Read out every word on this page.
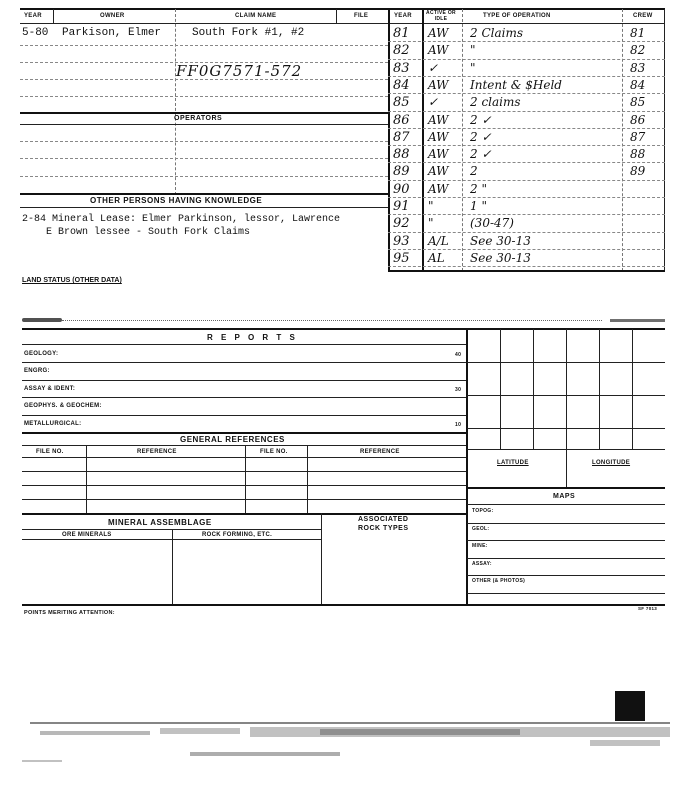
YEAR	OWNER	CLAIM NAME	FILE	YEAR	ACTIVE OR IDLE	TYPE OF OPERATION	CREW
5-80 Parkison, Elmer	South Fork #1, #2
FF0G7571-572
OPERATORS
OTHER PERSONS HAVING KNOWLEDGE
2-84 Mineral Lease: Elmer Parkinson, lessor, Lawrence
E Brown lessee - South Fork Claims
81 AW 2 Claims	81
82 AW "	82
83 ✓	"	83
84 AW Intent & $Held	84
85 ✓	2 claims	85
86 AW 2 ✓	86
87 AW 2 ✓	87
88 AW 2 ✓	88
89 AW 2	89
90 AW 2 "
91 "	1 "
92 "	(30-47)
93 A/L See 30-13
95 AL See 30-13
LAND STATUS (OTHER DATA)
R E P O R T S
GEOLOGY:	40
ENGRG:
ASSAY & IDENT:	30
GEOPHYS. & GEOCHEM:
METALLURGICAL:	10
GENERAL REFERENCES
FILE NO.	REFERENCE	FILE NO.	REFERENCE
MINERAL ASSEMBLAGE	ASSOCIATED
ROCK TYPES
ORE MINERALS	ROCK FORMING, ETC.
LATITUDE	LONGITUDE
MAPS
TOPOG:
GEOL:
MINE:
ASSAY:
OTHER (& PHOTOS)
POINTS MERITING ATTENTION:
SF 7013
